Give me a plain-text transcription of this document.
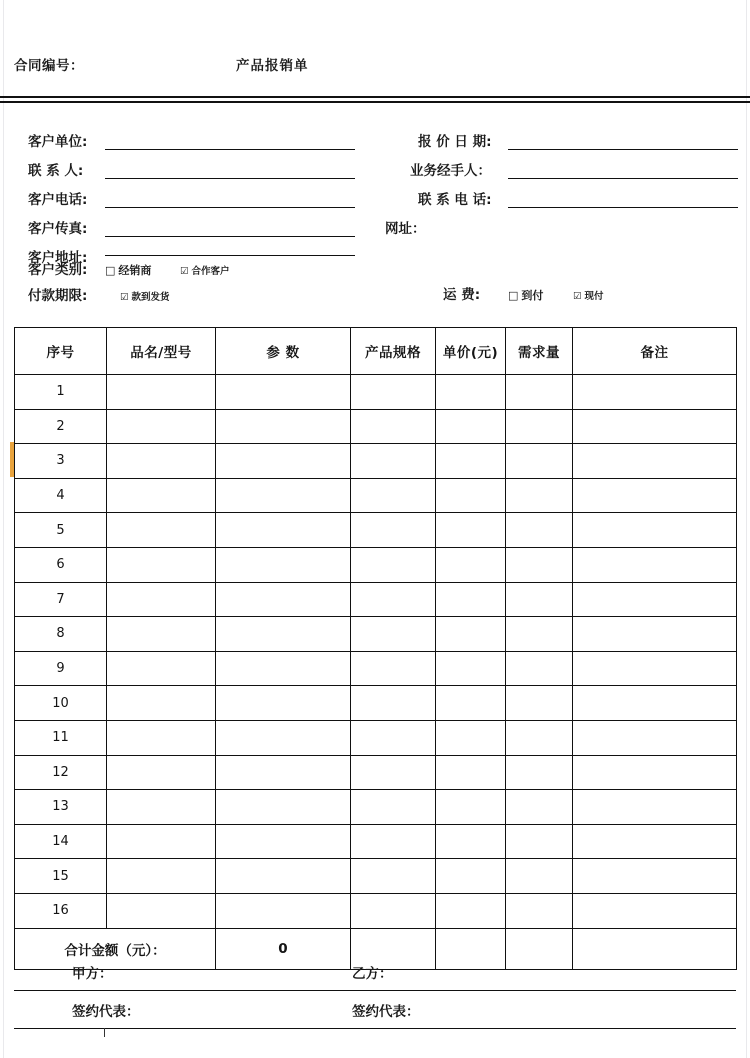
合同编号：	产品报销单
客户单位:
联 系 人:
客户电话:
客户传真:
客户地址:
报 价 日 期:
业务经手人：
联 系 电 话:
网址：
客户类别: □ 经销商	☑ 合作客户
付款期限:	☑ 款到发货	运 费:	□ 到付	☑ 现付
序号	品名/型号	参 数	产品规格	单价(元)	需求量	备注
1						
2						
3						
4						
5						
6						
7						
8						
9						
10						
11						
12						
13						
14						
15						
16						
合计金额（元）：		0				
甲方：	乙方：
签约代表：	签约代表：
